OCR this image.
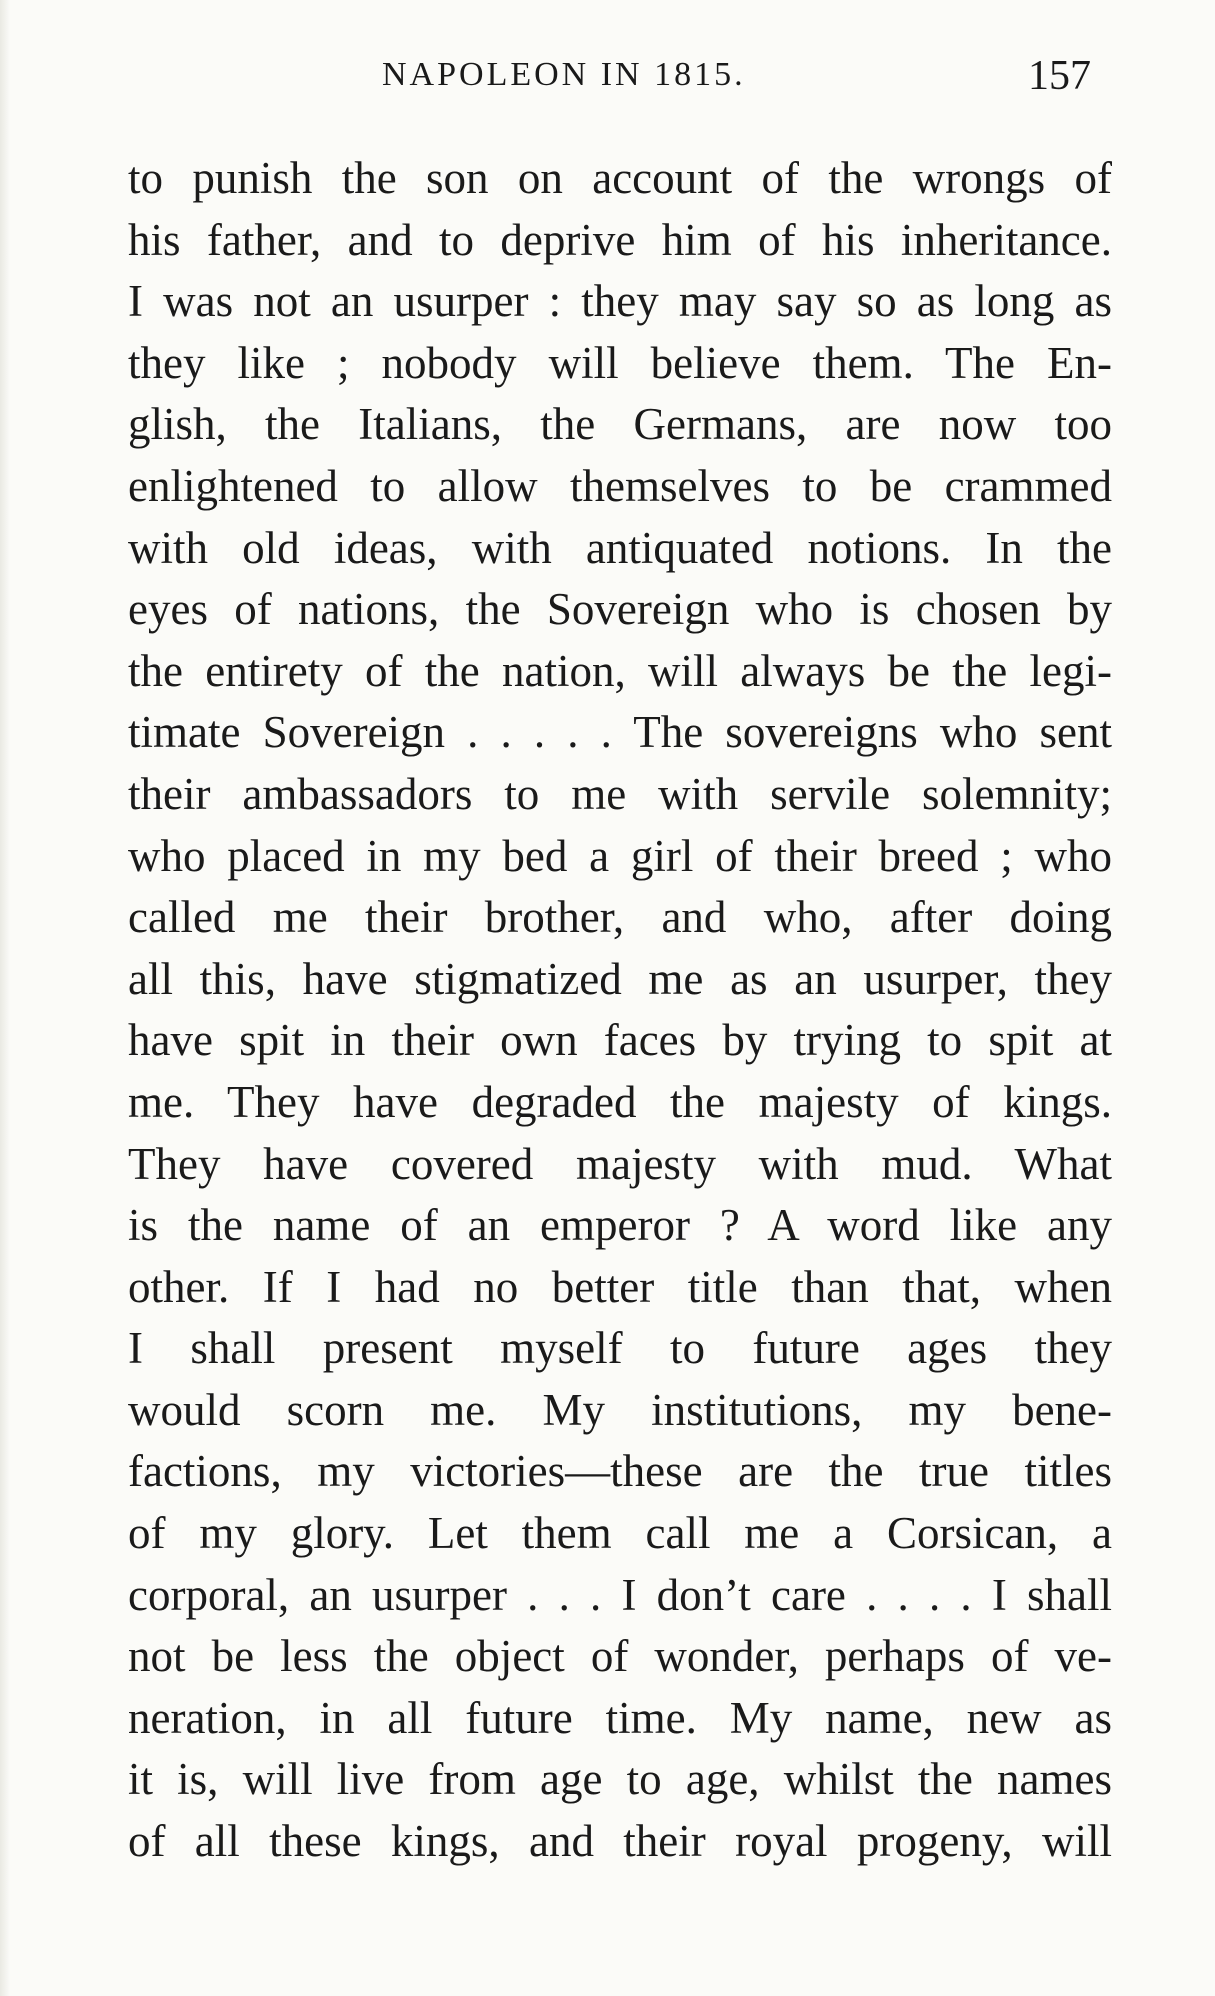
NAPOLEON IN 1815.	157
to punish the son on account of the wrongs of
his father, and to deprive him of his inheritance.
I was not an usurper : they may say so as long as
they like ; nobody will believe them. The En-
glish, the Italians, the Germans, are now too
enlightened to allow themselves to be crammed
with old ideas, with antiquated notions. In the
eyes of nations, the Sovereign who is chosen by
the entirety of the nation, will always be the legi-
timate Sovereign . . . . . The sovereigns who sent
their ambassadors to me with servile solemnity;
who placed in my bed a girl of their breed ; who
called me their brother, and who, after doing
all this, have stigmatized me as an usurper, they
have spit in their own faces by trying to spit at
me. They have degraded the majesty of kings.
They have covered majesty with mud. What
is the name of an emperor ? A word like any
other. If I had no better title than that, when
I shall present myself to future ages they
would scorn me. My institutions, my bene-
factions, my victories—these are the true titles
of my glory. Let them call me a Corsican, a
corporal, an usurper . . . I don’t care . . . . I shall
not be less the object of wonder, perhaps of ve-
neration, in all future time. My name, new as
it is, will live from age to age, whilst the names
of all these kings, and their royal progeny, will
